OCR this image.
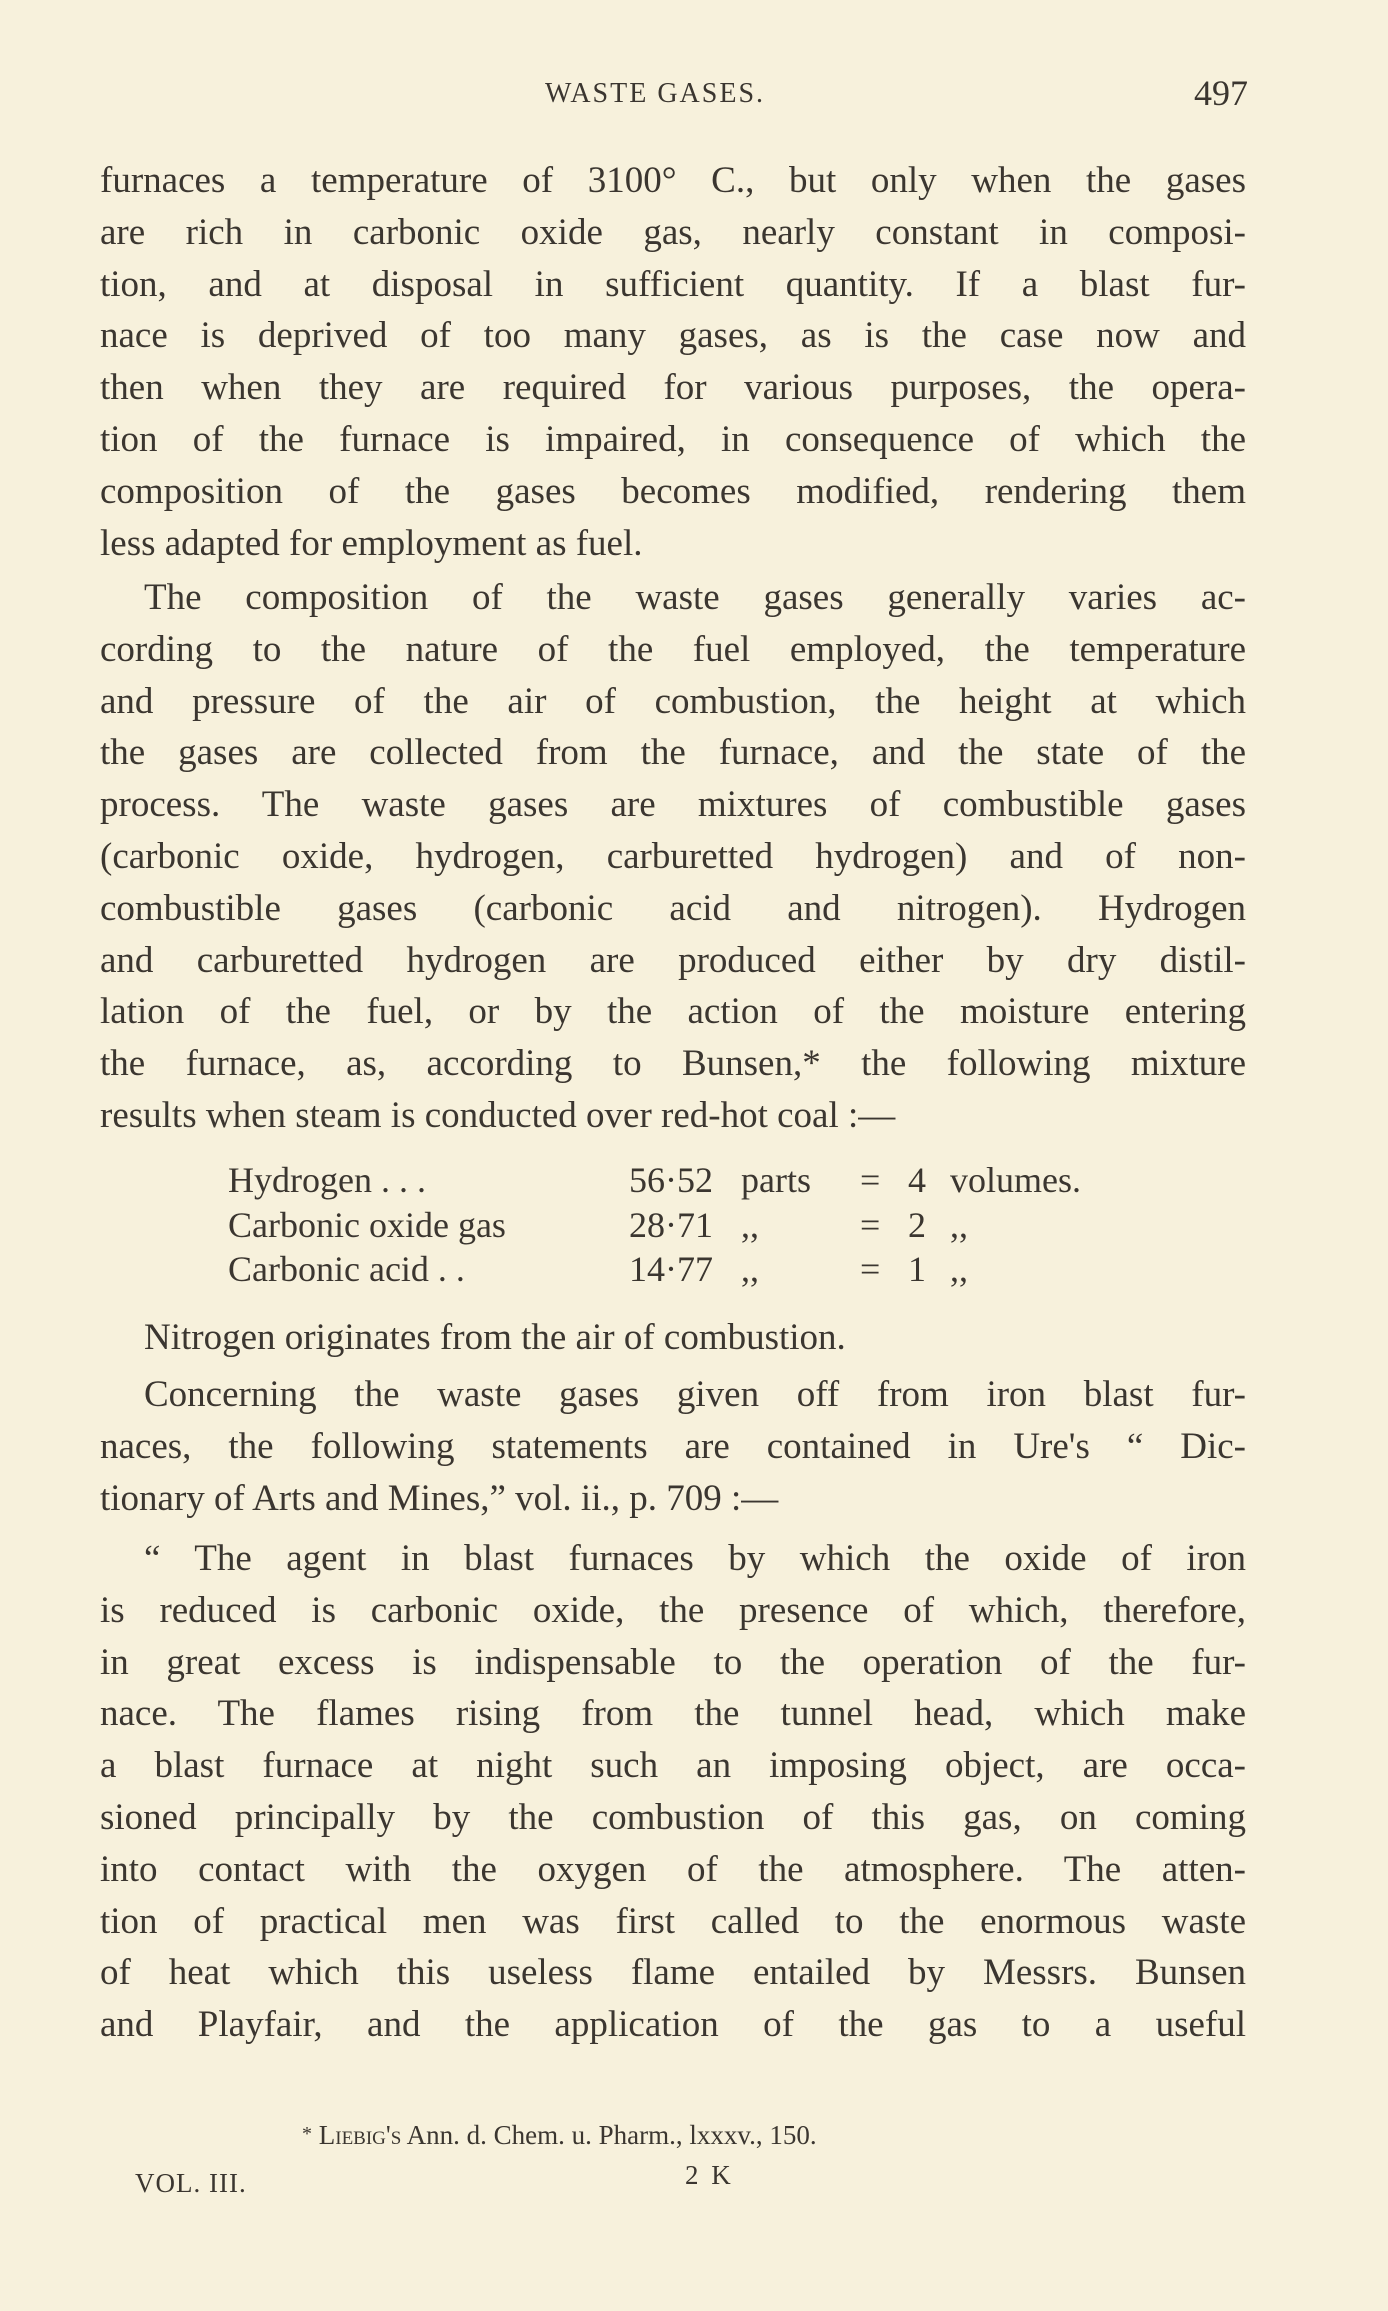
WASTE GASES.	497
furnaces a temperature of 3100° C., but only when the gases
are rich in carbonic oxide gas, nearly constant in composi-
tion, and at disposal in sufficient quantity. If a blast fur-
nace is deprived of too many gases, as is the case now and
then when they are required for various purposes, the opera-
tion of the furnace is impaired, in consequence of which the
composition of the gases becomes modified, rendering them
less adapted for employment as fuel.
The composition of the waste gases generally varies ac-
cording to the nature of the fuel employed, the temperature
and pressure of the air of combustion, the height at which
the gases are collected from the furnace, and the state of the
process. The waste gases are mixtures of combustible gases
(carbonic oxide, hydrogen, carburetted hydrogen) and of non-
combustible gases (carbonic acid and nitrogen). Hydrogen
and carburetted hydrogen are produced either by dry distil-
lation of the fuel, or by the action of the moisture entering
the furnace, as, according to Bunsen,* the following mixture
results when steam is conducted over red-hot coal :—
Hydrogen . . .	56·52 parts = 4 volumes.
Carbonic oxide gas	28·71 ,,	= 2 ,,
Carbonic acid . .	14·77 ,,	= 1 ,,
Nitrogen originates from the air of combustion.
Concerning the waste gases given off from iron blast fur-
naces, the following statements are contained in Ure's “ Dic-
tionary of Arts and Mines,” vol. ii., p. 709 :—
“ The agent in blast furnaces by which the oxide of iron
is reduced is carbonic oxide, the presence of which, therefore,
in great excess is indispensable to the operation of the fur-
nace. The flames rising from the tunnel head, which make
a blast furnace at night such an imposing object, are occa-
sioned principally by the combustion of this gas, on coming
into contact with the oxygen of the atmosphere. The atten-
tion of practical men was first called to the enormous waste
of heat which this useless flame entailed by Messrs. Bunsen
and Playfair, and the application of the gas to a useful
* Liebig's Ann. d. Chem. u. Pharm., lxxxv., 150.
VOL. III.	2 K
